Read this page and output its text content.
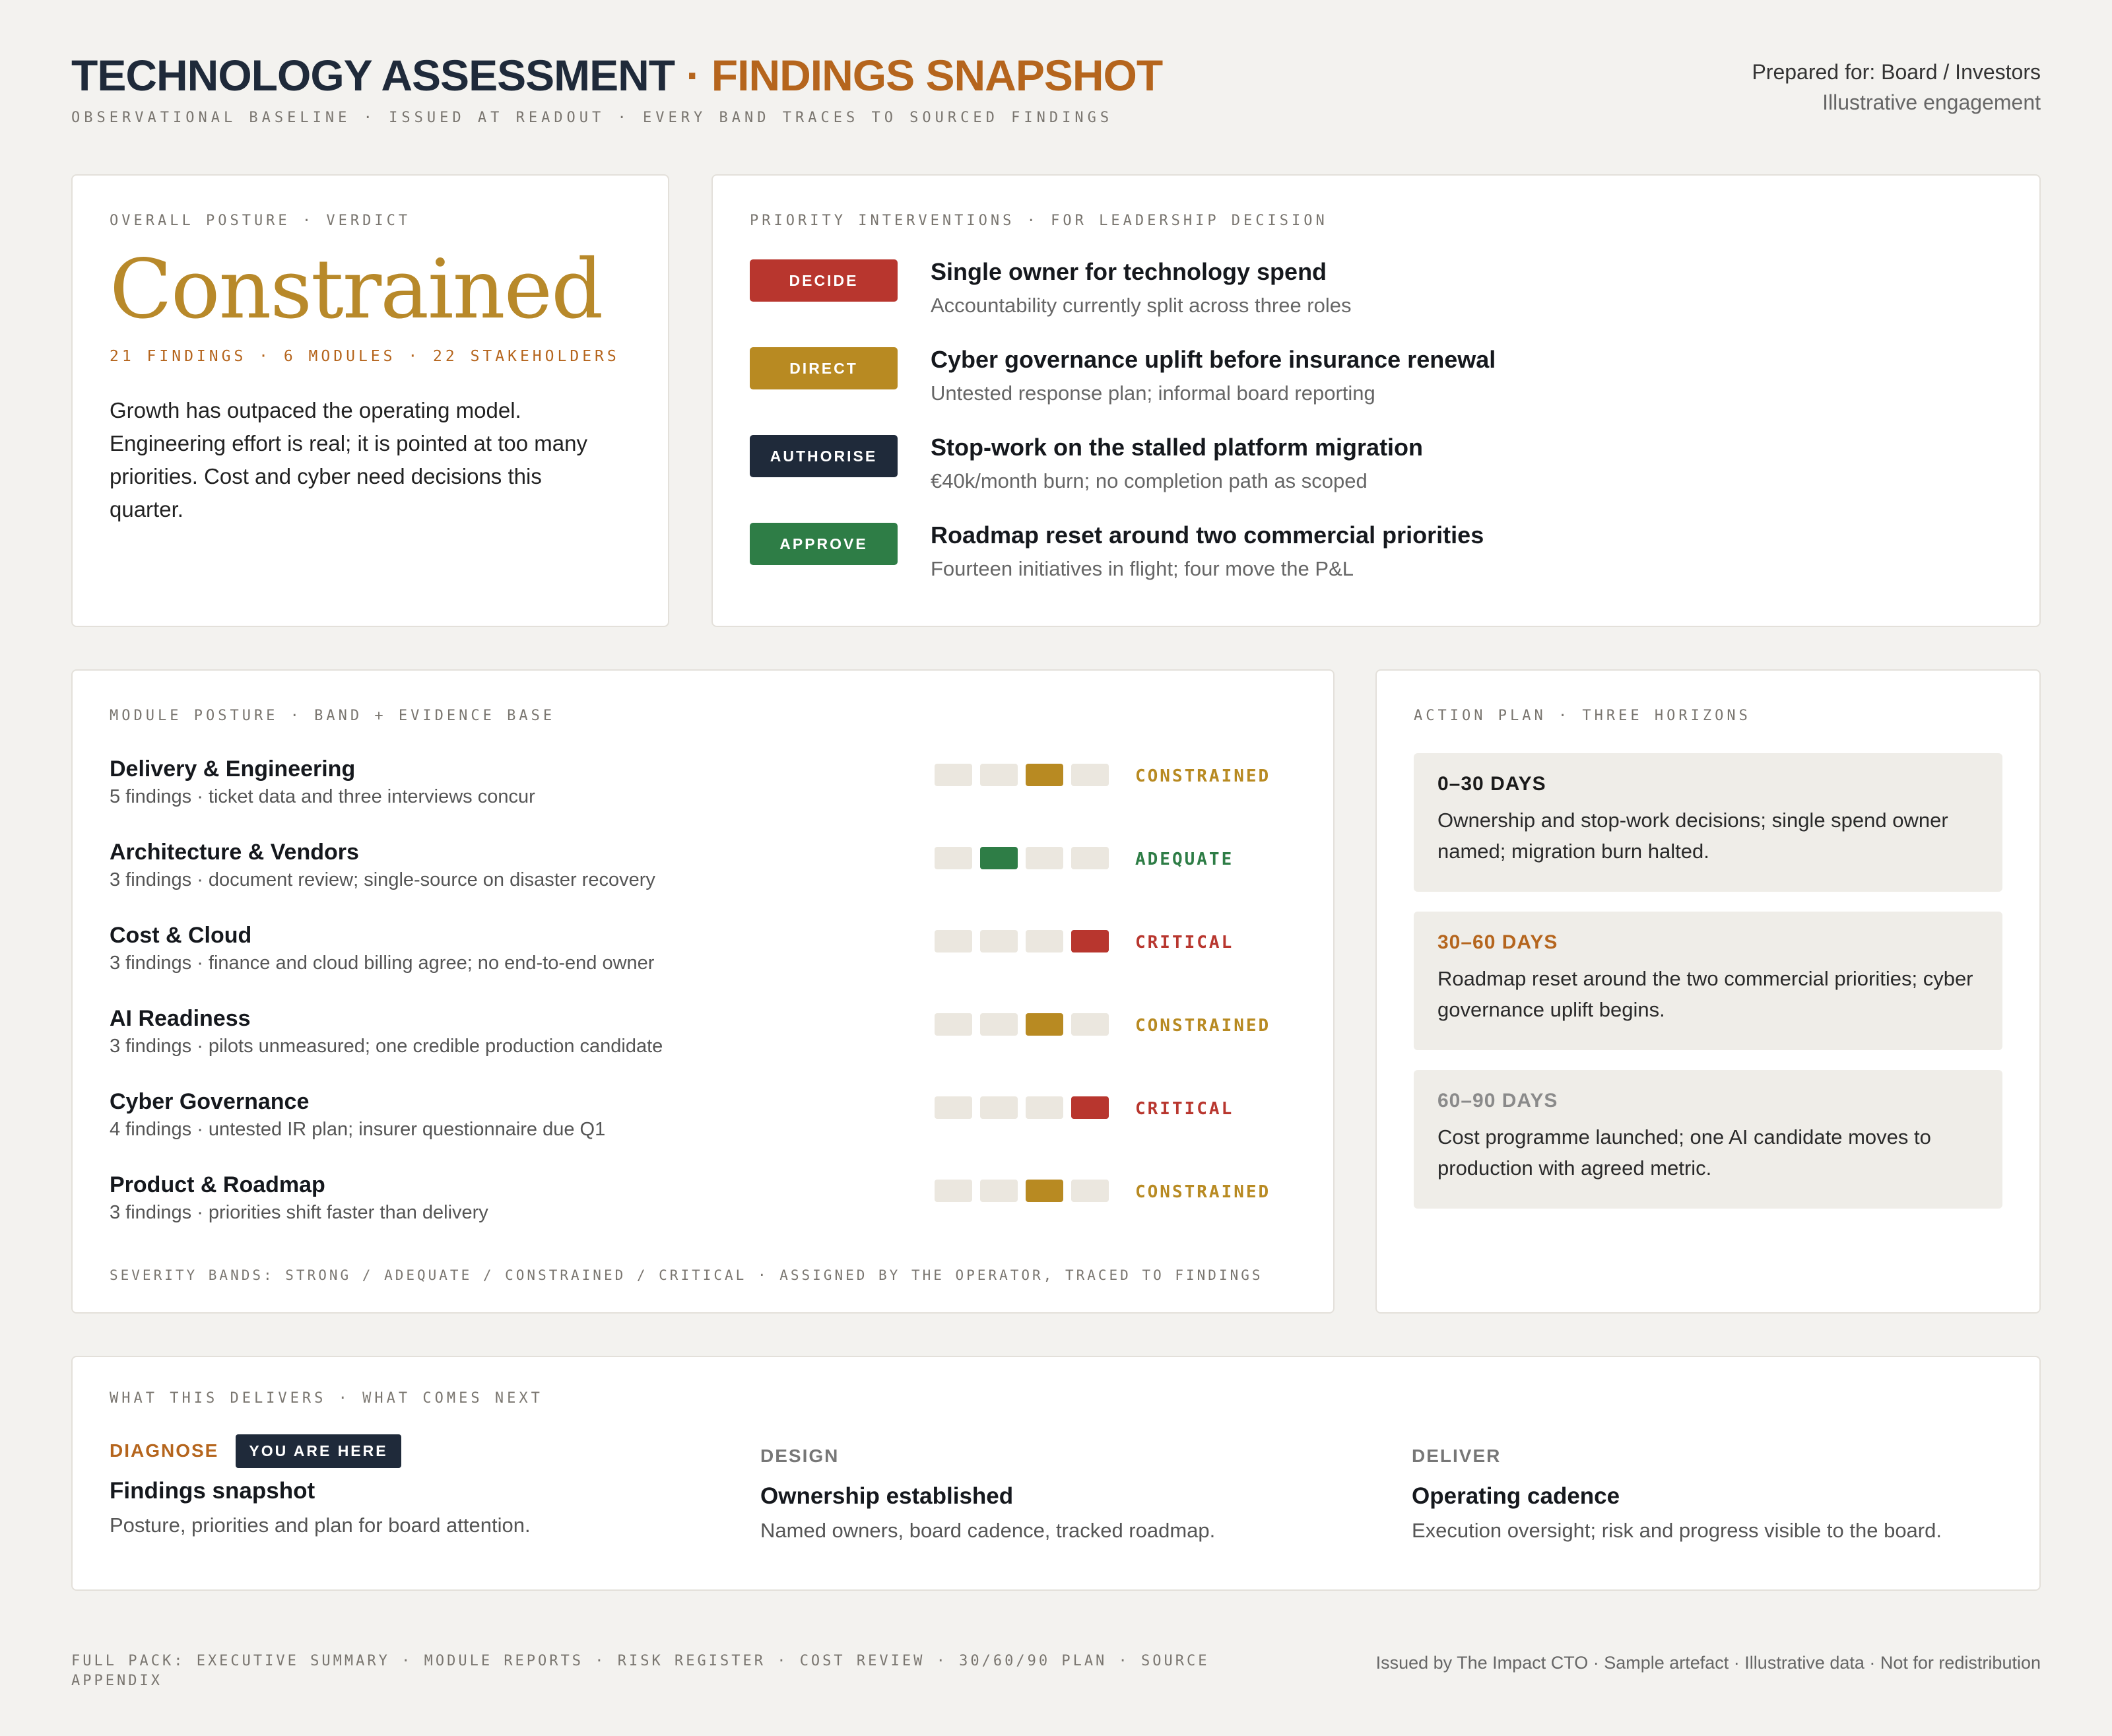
TECHNOLOGY ASSESSMENT · FINDINGS SNAPSHOT
OBSERVATIONAL BASELINE · ISSUED AT READOUT · EVERY BAND TRACES TO SOURCED FINDINGS
Prepared for: Board / Investors
Illustrative engagement
OVERALL POSTURE · VERDICT
Constrained
21 FINDINGS · 6 MODULES · 22 STAKEHOLDERS
Growth has outpaced the operating model. Engineering effort is real; it is pointed at too many priorities. Cost and cyber need decisions this quarter.
PRIORITY INTERVENTIONS · FOR LEADERSHIP DECISION
DECIDE	Single owner for technology spend
Accountability currently split across three roles
DIRECT	Cyber governance uplift before insurance renewal
Untested response plan; informal board reporting
AUTHORISE	Stop-work on the stalled platform migration
€40k/month burn; no completion path as scoped
APPROVE	Roadmap reset around two commercial priorities
Fourteen initiatives in flight; four move the P&L
MODULE POSTURE · BAND + EVIDENCE BASE
Delivery & Engineering
5 findings · ticket data and three interviews concur
CONSTRAINED
Architecture & Vendors
3 findings · document review; single-source on disaster recovery
ADEQUATE
Cost & Cloud
3 findings · finance and cloud billing agree; no end-to-end owner
CRITICAL
AI Readiness
3 findings · pilots unmeasured; one credible production candidate
CONSTRAINED
Cyber Governance
4 findings · untested IR plan; insurer questionnaire due Q1
CRITICAL
Product & Roadmap
3 findings · priorities shift faster than delivery
CONSTRAINED
SEVERITY BANDS: STRONG / ADEQUATE / CONSTRAINED / CRITICAL · ASSIGNED BY THE OPERATOR, TRACED TO FINDINGS
ACTION PLAN · THREE HORIZONS
0–30 DAYS
Ownership and stop-work decisions; single spend owner named; migration burn halted.
30–60 DAYS
Roadmap reset around the two commercial priorities; cyber governance uplift begins.
60–90 DAYS
Cost programme launched; one AI candidate moves to production with agreed metric.
WHAT THIS DELIVERS · WHAT COMES NEXT
DIAGNOSE	YOU ARE HERE
Findings snapshot
Posture, priorities and plan for board attention.
DESIGN
Ownership established
Named owners, board cadence, tracked roadmap.
DELIVER
Operating cadence
Execution oversight; risk and progress visible to the board.
FULL PACK: EXECUTIVE SUMMARY · MODULE REPORTS · RISK REGISTER · COST REVIEW · 30/60/90 PLAN · SOURCE APPENDIX
Issued by The Impact CTO · Sample artefact · Illustrative data · Not for redistribution
